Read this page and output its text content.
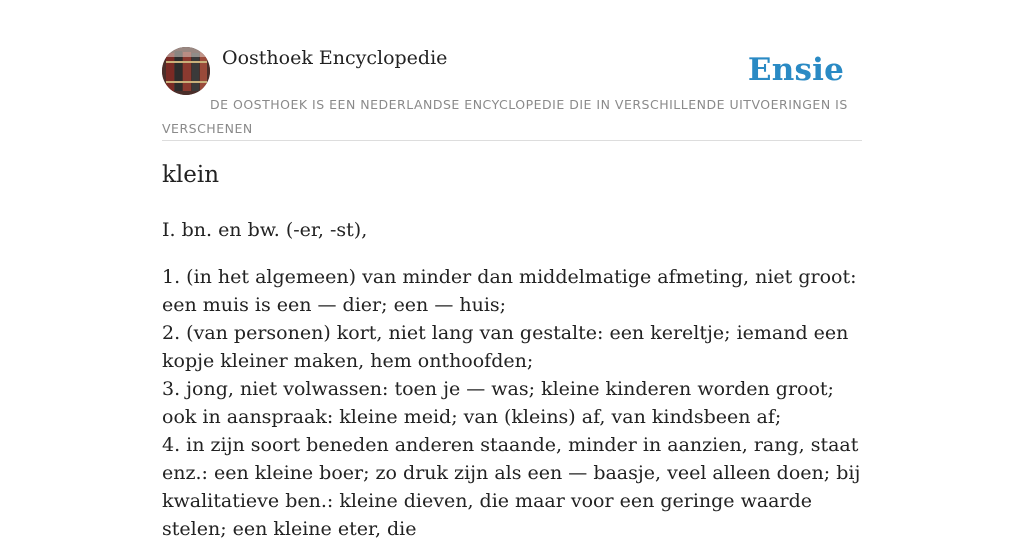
Oosthoek Encyclopedie	Ensie

DE OOSTHOEK IS EEN NEDERLANDSE ENCYCLOPEDIE DIE IN VERSCHILLENDE UITVOERINGEN IS VERSCHENEN

klein

I. bn. en bw. (-er, -st),

1. (in het algemeen) van minder dan middelmatige afmeting, niet groot: een muis is een — dier; een — huis;

2. (van personen) kort, niet lang van gestalte: een kereltje; iemand een kopje kleiner maken, hem onthoofden;

3. jong, niet volwassen: toen je — was; kleine kinderen worden groot; ook in aanspraak: kleine meid; van (kleins) af, van kindsbeen af;

4. in zijn soort beneden anderen staande, minder in aanzien, rang, staat enz.: een kleine boer; zo druk zijn als een — baasje, veel alleen doen; bij kwalitatieve ben.: kleine dieven, die maar voor een geringe waarde stelen; een kleine eter, die
